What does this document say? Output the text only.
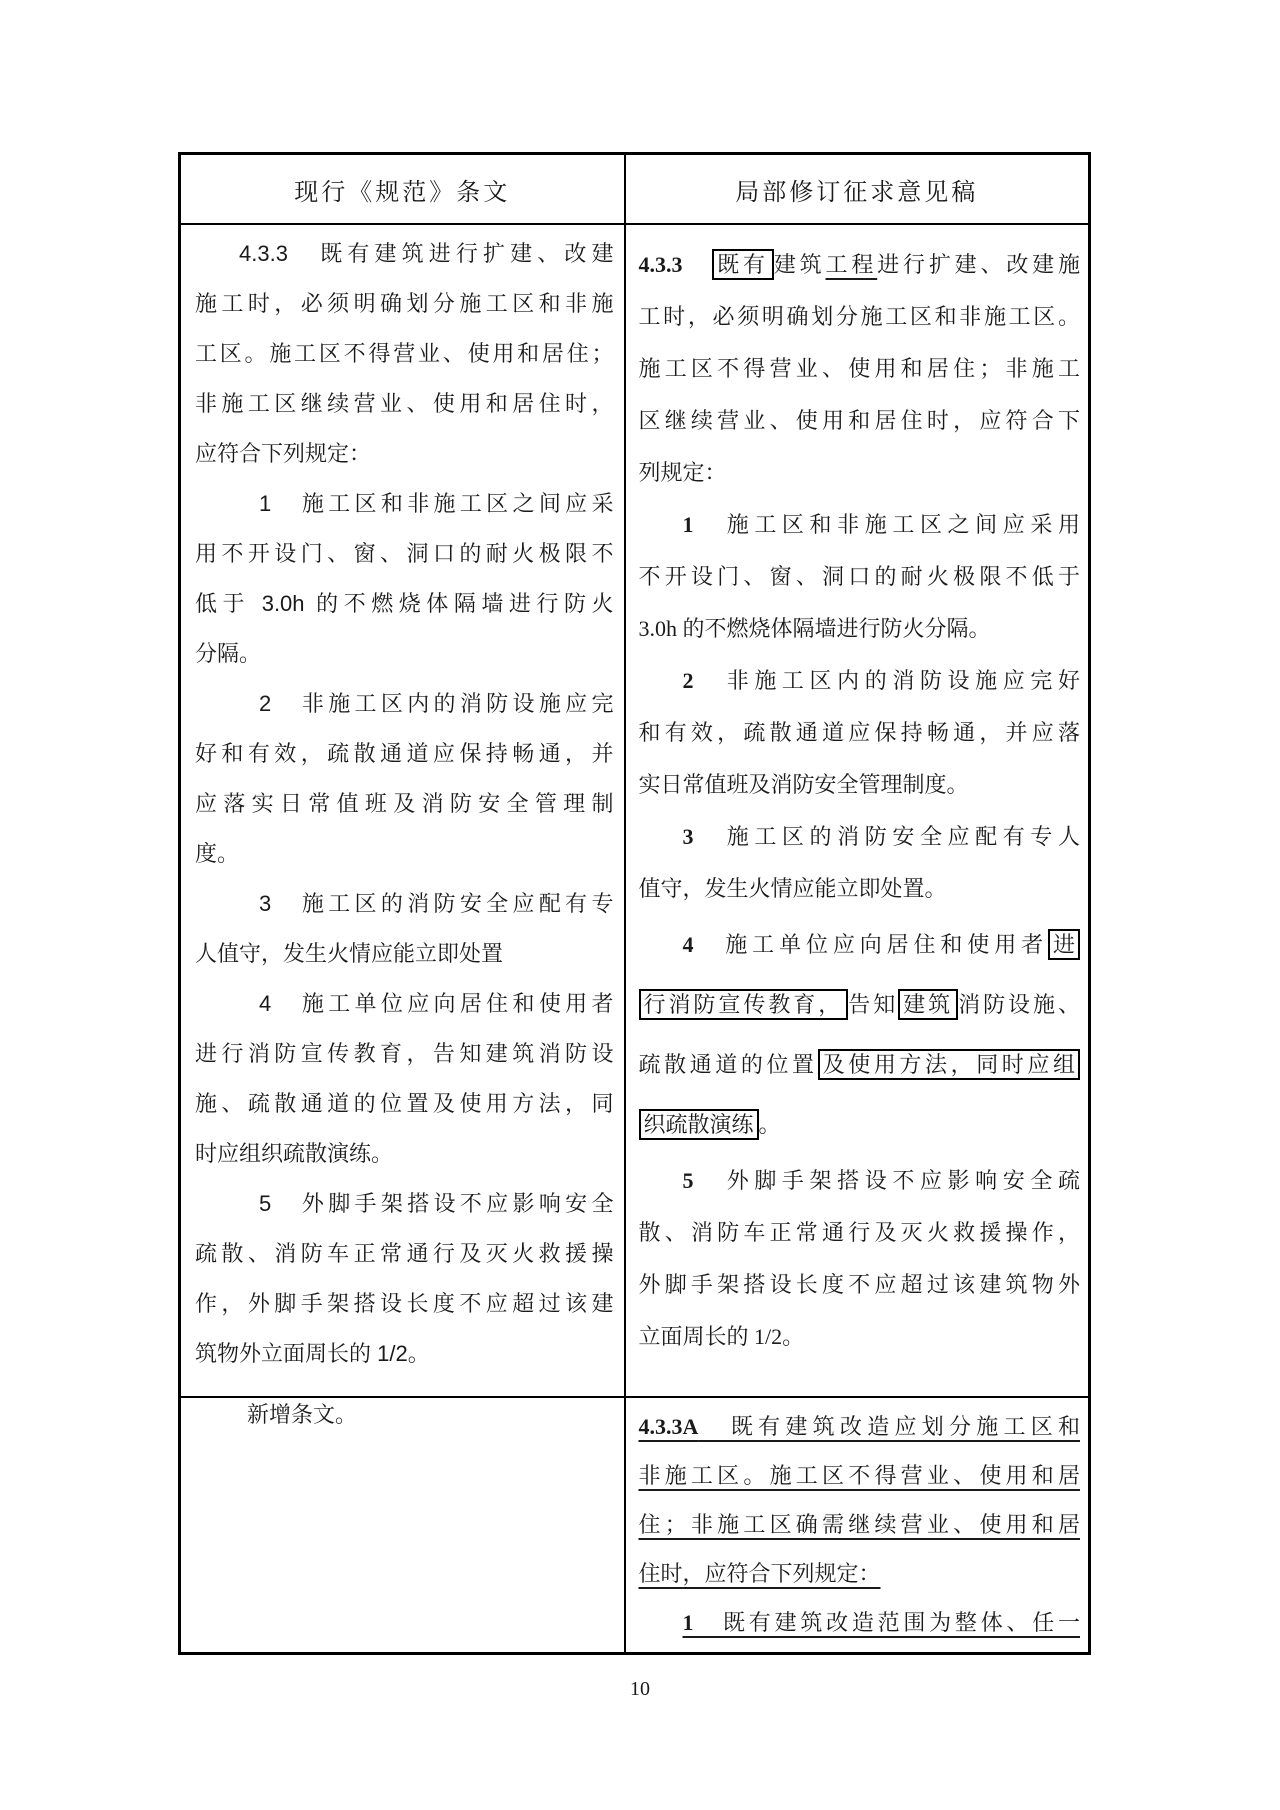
现行《规范》条文	局部修订征求意见稿

4.3.3　既有建筑进行扩建、改建
施工时，必须明确划分施工区和非施
工区。施工区不得营业、使用和居住；
非施工区继续营业、使用和居住时，
应符合下列规定：
1　施工区和非施工区之间应采
用不开设门、窗、洞口的耐火极限不
低于 3.0h 的不燃烧体隔墙进行防火
分隔。
2　非施工区内的消防设施应完
好和有效，疏散通道应保持畅通，并
应落实日常值班及消防安全管理制
度。
3　施工区的消防安全应配有专
人值守，发生火情应能立即处置
4　施工单位应向居住和使用者
进行消防宣传教育，告知建筑消防设
施、疏散通道的位置及使用方法，同
时应组织疏散演练。
5　外脚手架搭设不应影响安全
疏散、消防车正常通行及灭火救援操
作，外脚手架搭设长度不应超过该建
筑物外立面周长的 1/2。

4.3.3　 既有 建筑工程进行扩建、改建施
工时，必须明确划分施工区和非施工区。
施工区不得营业、使用和居住；非施工
区继续营业、使用和居住时，应符合下
列规定：
1　施工区和非施工区之间应采用
不开设门、窗、洞口的耐火极限不低于
3.0h 的不燃烧体隔墙进行防火分隔。
2　非施工区内的消防设施应完好
和有效，疏散通道应保持畅通，并应落
实日常值班及消防安全管理制度。
3　施工区的消防安全应配有专人
值守，发生火情应能立即处置。
4　施工单位应向居住和使用者 进
行消防宣传教育， 告知 建筑 消防设施、
疏散通道的位置 及使用方法，同时应组
织疏散演练 。
5　外脚手架搭设不应影响安全疏
散、消防车正常通行及灭火救援操作，
外脚手架搭设长度不应超过该建筑物外
立面周长的 1/2。

新增条文。	4.3.3A　既有建筑改造应划分施工区和
非施工区。施工区不得营业、使用和居
住；非施工区确需继续营业、使用和居
住时，应符合下列规定：
1　既有建筑改造范围为整体、任一
10
